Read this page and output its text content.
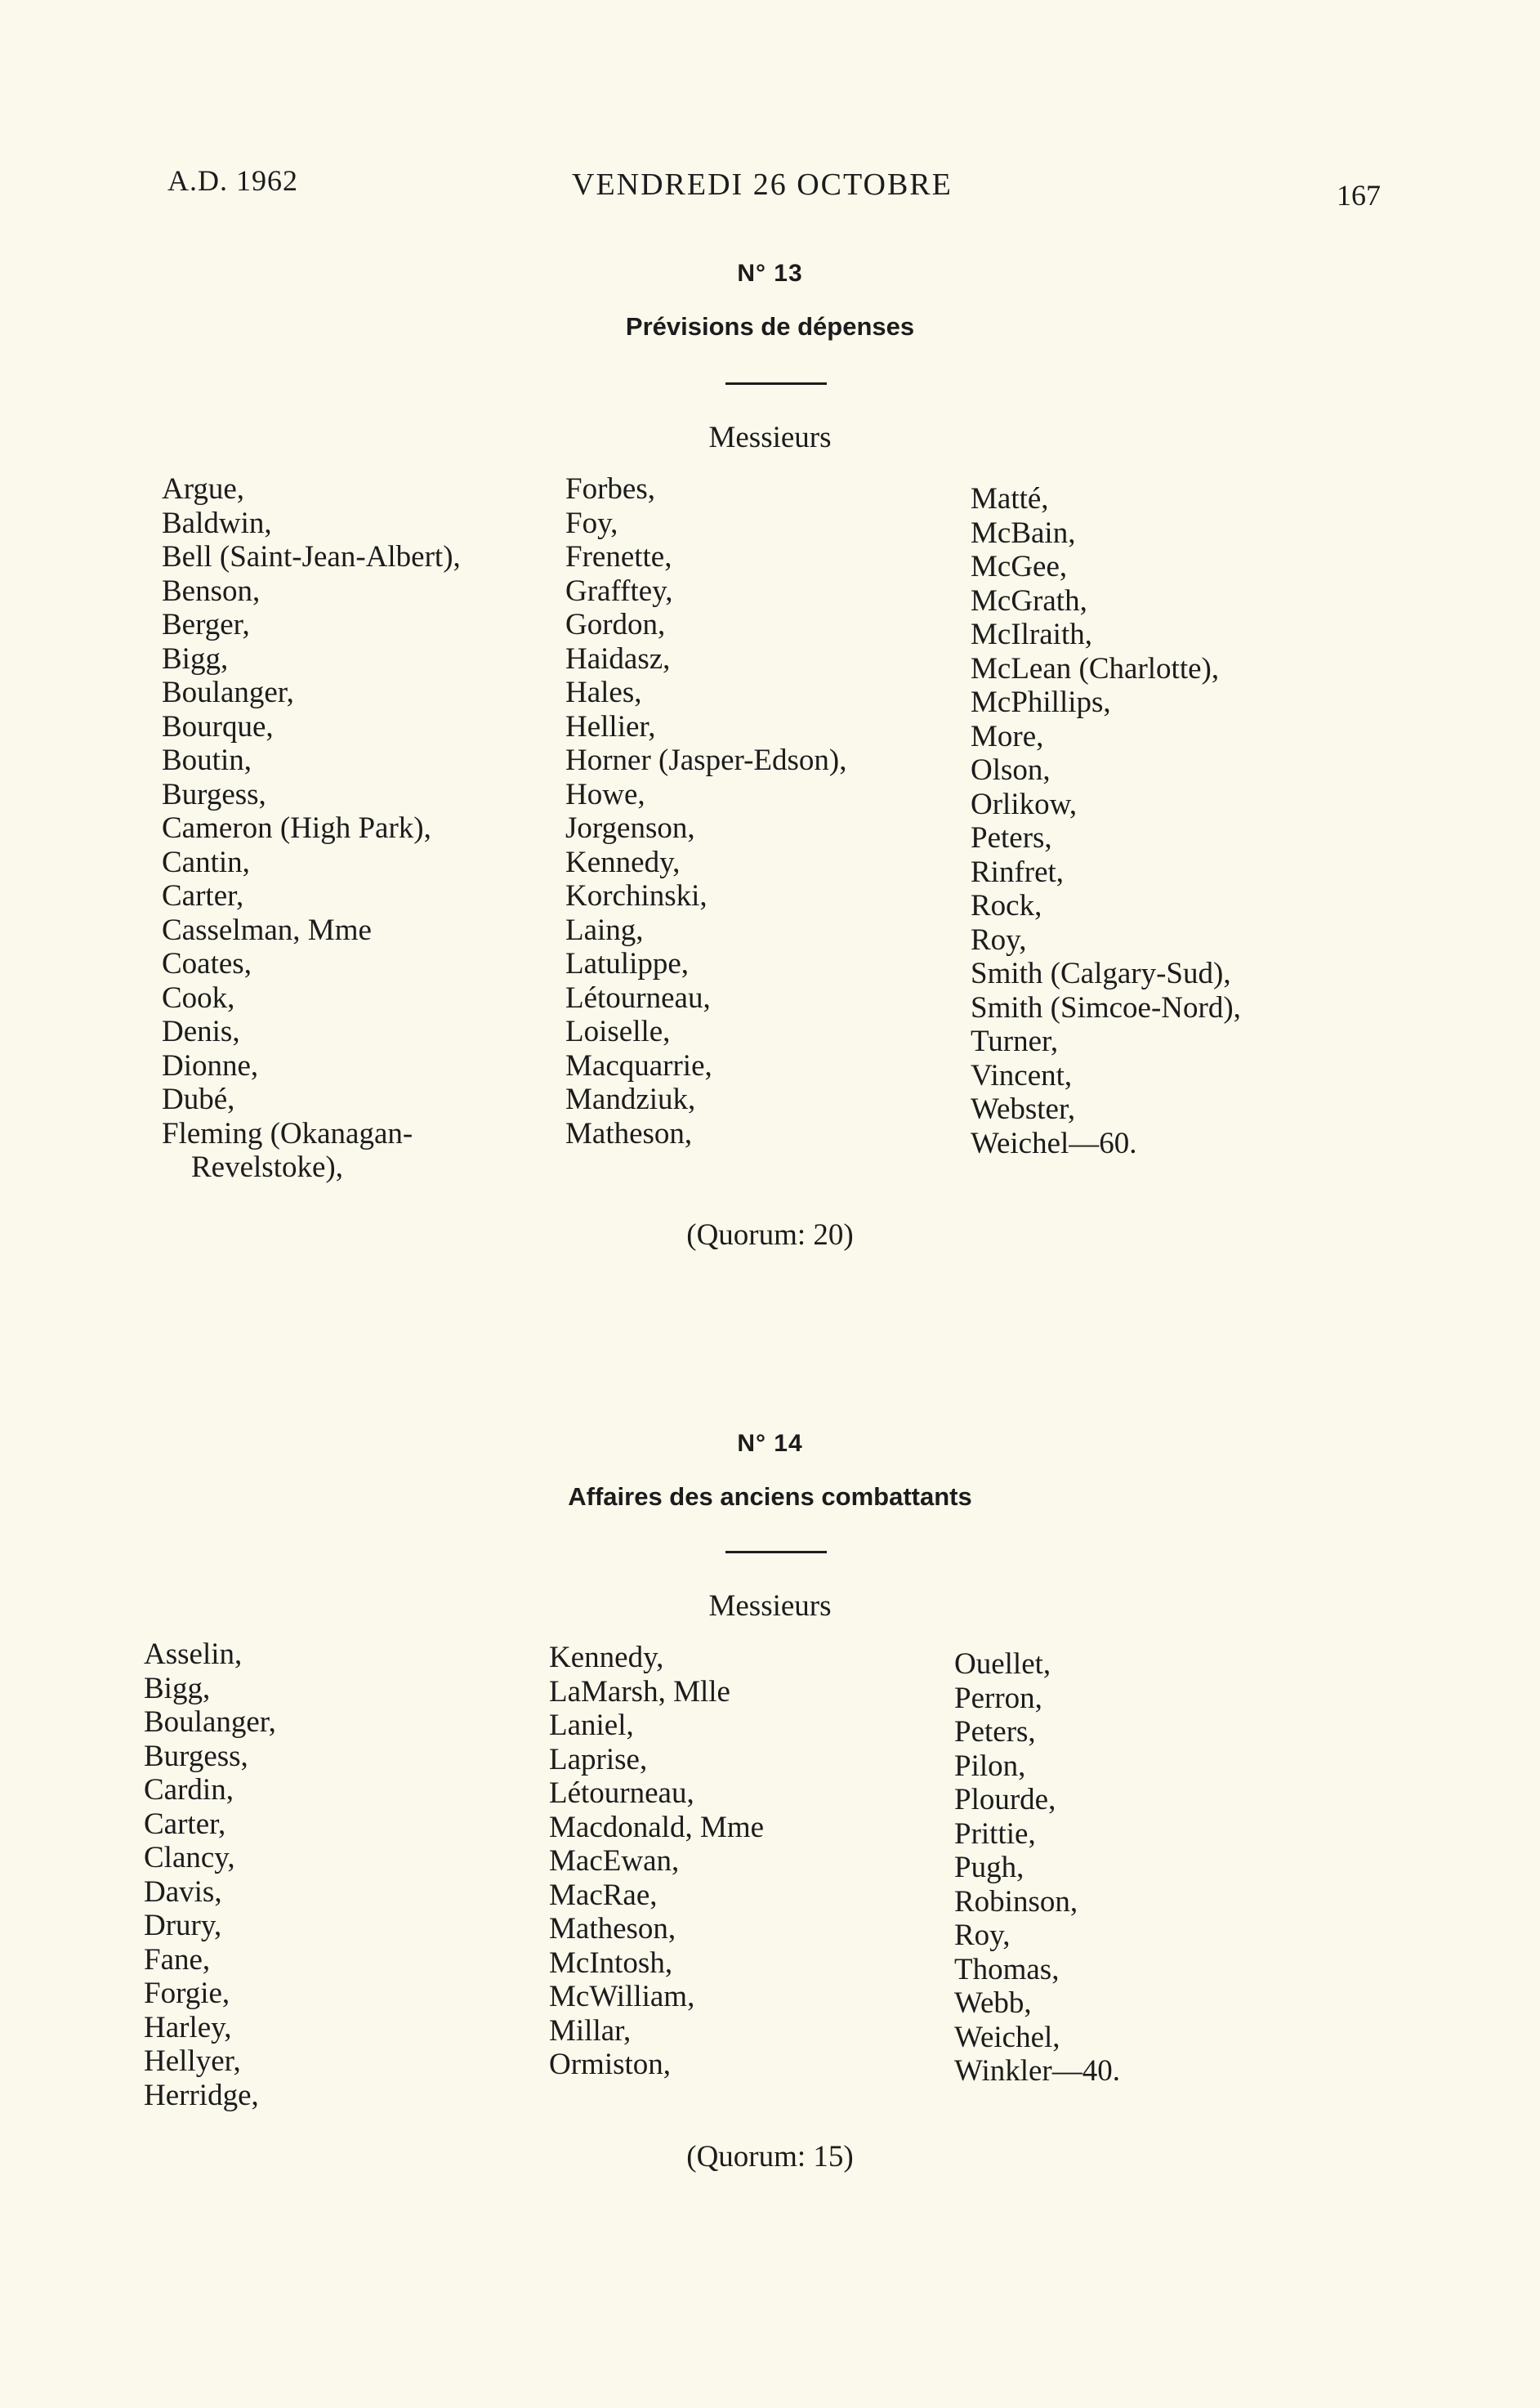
A.D. 1962	VENDREDI 26 OCTOBRE	167
N° 13
Prévisions de dépenses
Messieurs
Argue,
Baldwin,
Bell (Saint-Jean-Albert),
Benson,
Berger,
Bigg,
Boulanger,
Bourque,
Boutin,
Burgess,
Cameron (High Park),
Cantin,
Carter,
Casselman, Mme
Coates,
Cook,
Denis,
Dionne,
Dubé,
Fleming (Okanagan-
Revelstoke),
Forbes,
Foy,
Frenette,
Grafftey,
Gordon,
Haidasz,
Hales,
Hellier,
Horner (Jasper-Edson),
Howe,
Jorgenson,
Kennedy,
Korchinski,
Laing,
Latulippe,
Létourneau,
Loiselle,
Macquarrie,
Mandziuk,
Matheson,
Matté,
McBain,
McGee,
McGrath,
McIlraith,
McLean (Charlotte),
McPhillips,
More,
Olson,
Orlikow,
Peters,
Rinfret,
Rock,
Roy,
Smith (Calgary-Sud),
Smith (Simcoe-Nord),
Turner,
Vincent,
Webster,
Weichel—60.
(Quorum: 20)
N° 14
Affaires des anciens combattants
Messieurs
Asselin,
Bigg,
Boulanger,
Burgess,
Cardin,
Carter,
Clancy,
Davis,
Drury,
Fane,
Forgie,
Harley,
Hellyer,
Herridge,
Kennedy,
LaMarsh, Mlle
Laniel,
Laprise,
Létourneau,
Macdonald, Mme
MacEwan,
MacRae,
Matheson,
McIntosh,
McWilliam,
Millar,
Ormiston,
Ouellet,
Perron,
Peters,
Pilon,
Plourde,
Prittie,
Pugh,
Robinson,
Roy,
Thomas,
Webb,
Weichel,
Winkler—40.
(Quorum: 15)
